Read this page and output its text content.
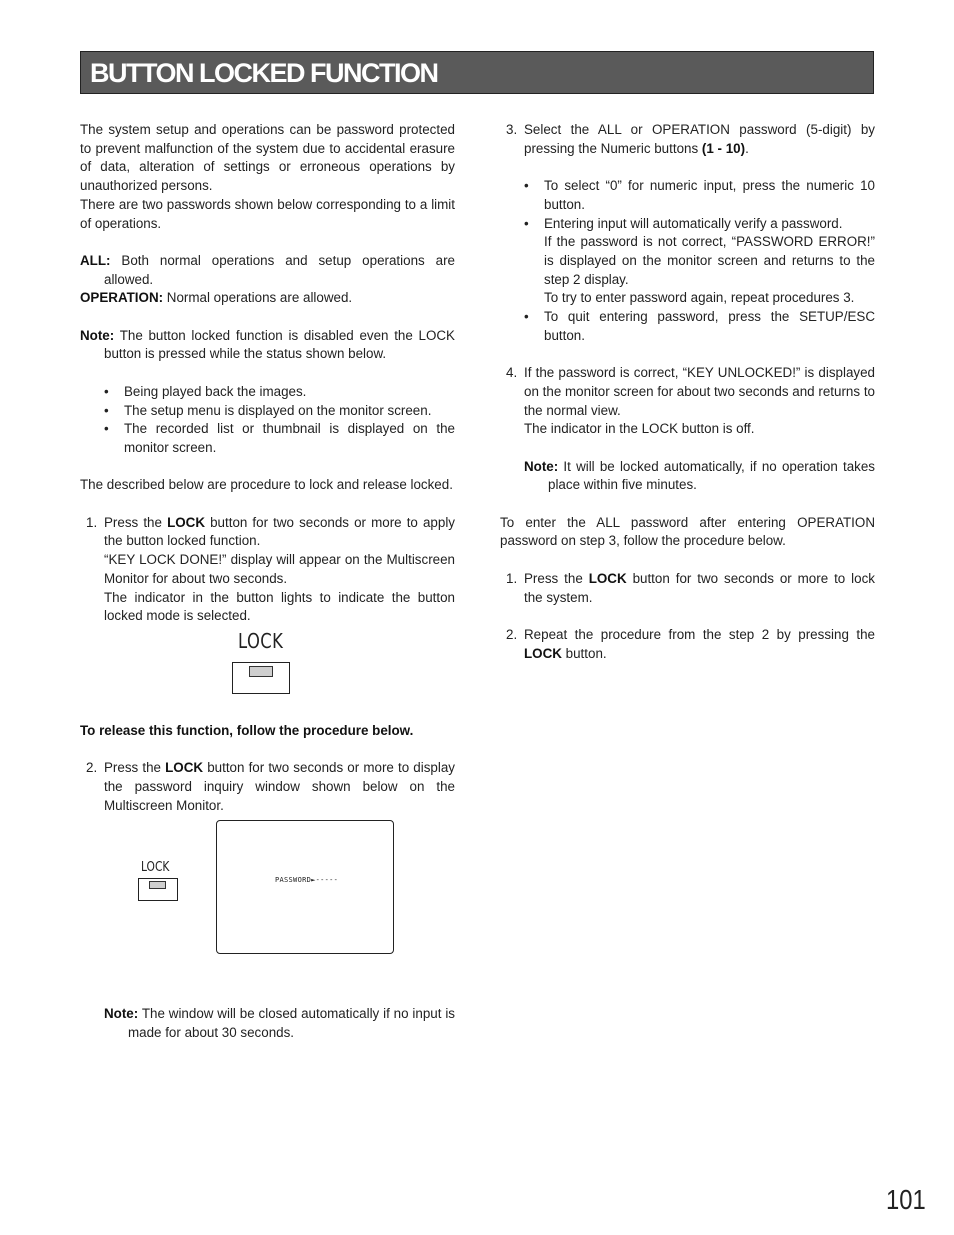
BUTTON LOCKED FUNCTION

The system setup and operations can be password protected to prevent malfunction of the system due to accidental erasure of data, alteration of settings or erroneous operations by unauthorized persons.

There are two passwords shown below corresponding to a limit of operations.

ALL: Both normal operations and setup operations are allowed.

OPERATION: Normal operations are allowed.

Note: The button locked function is disabled even the LOCK button is pressed while the status shown below.

•	Being played back the images.
•	The setup menu is displayed on the monitor screen.
•	The recorded list or thumbnail is displayed on the monitor screen.

The described below are procedure to lock and release locked.

1. Press the LOCK button for two seconds or more to apply the button locked function.

“KEY LOCK DONE!” display will appear on the Multiscreen Monitor for about two seconds.

The indicator in the button lights to indicate the button locked mode is selected.

LOCK

To release this function, follow the procedure below.

2. Press the LOCK button for two seconds or more to display the password inquiry window shown below on the Multiscreen Monitor.

LOCK
PASSWORD►-----

Note: The window will be closed automatically if no input is made for about 30 seconds.

3. Select the ALL or OPERATION password (5-digit) by pressing the Numeric buttons (1 - 10).

•	To select “0” for numeric input, press the numeric 10 button.
•	Entering input will automatically verify a password.

If the password is not correct, “PASSWORD ERROR!” is displayed on the monitor screen and returns to the step 2 display.

To try to enter password again, repeat procedures 3.

•	To quit entering password, press the SETUP/ESC button.
4. If the password is correct, “KEY UNLOCKED!” is displayed on the monitor screen for about two seconds and returns to the normal view.

The indicator in the LOCK button is off.

Note: It will be locked automatically, if no operation takes place within five minutes.

To enter the ALL password after entering OPERATION password on step 3, follow the procedure below.

1. Press the LOCK button for two seconds or more to lock the system.

2. Repeat the procedure from the step 2 by pressing the LOCK button.

101
